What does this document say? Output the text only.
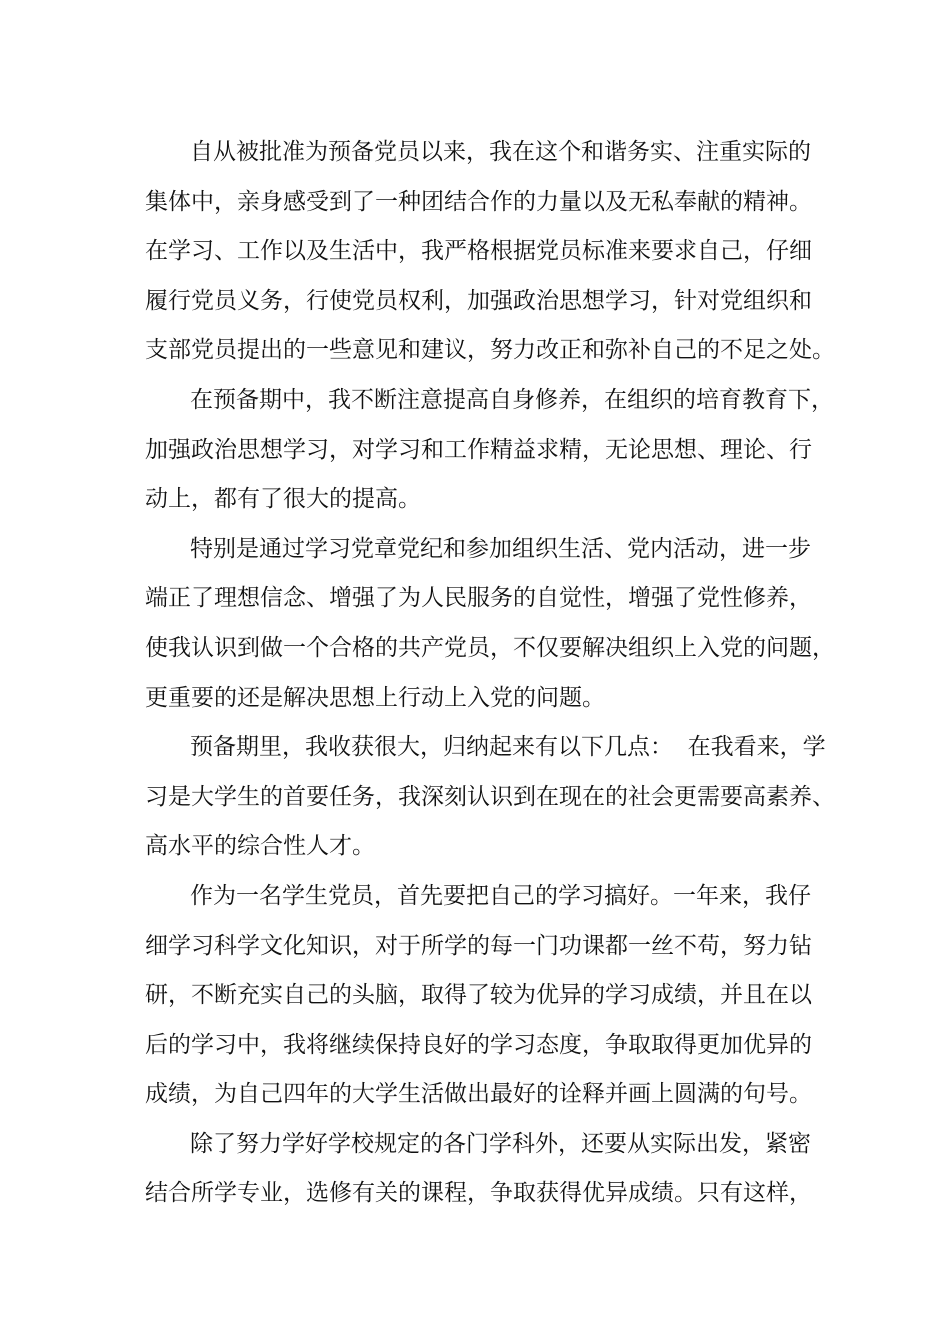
自从被批准为预备党员以来，我在这个和谐务实、注重实际的
集体中，亲身感受到了一种团结合作的力量以及无私奉献的精神。
在学习、工作以及生活中，我严格根据党员标准来要求自己，仔细
履行党员义务，行使党员权利，加强政治思想学习，针对党组织和
支部党员提出的一些意见和建议，努力改正和弥补自己的不足之处。
在预备期中，我不断注意提高自身修养，在组织的培育教育下，
加强政治思想学习，对学习和工作精益求精，无论思想、理论、行
动上，都有了很大的提高。
特别是通过学习党章党纪和参加组织生活、党内活动，进一步
端正了理想信念、增强了为人民服务的自觉性，增强了党性修养，
使我认识到做一个合格的共产党员，不仅要解决组织上入党的问题，
更重要的还是解决思想上行动上入党的问题。
预备期里，我收获很大，归纳起来有以下几点：  在我看来，学
习是大学生的首要任务，我深刻认识到在现在的社会更需要高素养、
高水平的综合性人才。
作为一名学生党员，首先要把自己的学习搞好。一年来，我仔
细学习科学文化知识，对于所学的每一门功课都一丝不苟，努力钻
研，不断充实自己的头脑，取得了较为优异的学习成绩，并且在以
后的学习中，我将继续保持良好的学习态度，争取取得更加优异的
成绩，为自己四年的大学生活做出最好的诠释并画上圆满的句号。
除了努力学好学校规定的各门学科外，还要从实际出发，紧密
结合所学专业，选修有关的课程，争取获得优异成绩。只有这样，
